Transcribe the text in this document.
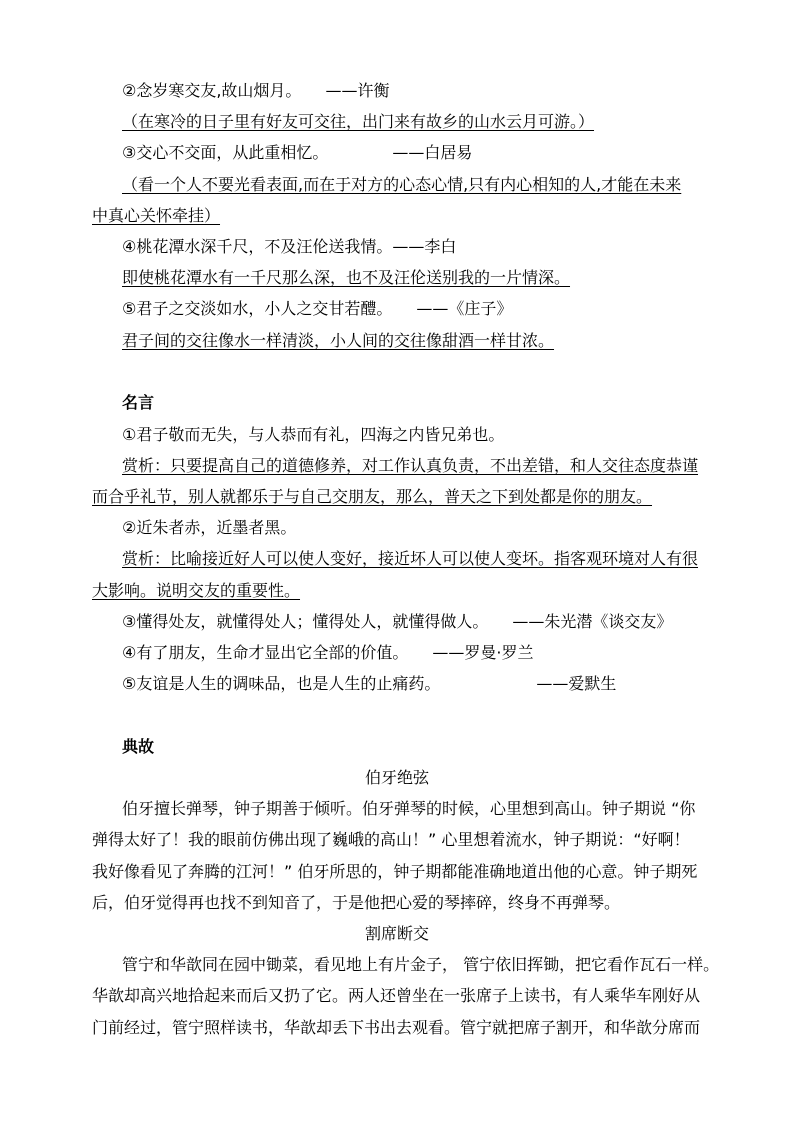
②念岁寒交友,故山烟月。 ——许衡
（在寒冷的日子里有好友可交往，出门来有故乡的山水云月可游。）
③交心不交面，从此重相忆。	——白居易
（看一个人不要光看表面,而在于对方的心态心情,只有内心相知的人,才能在未来
中真心关怀牵挂）
④桃花潭水深千尺，不及汪伦送我情。——李白
即使桃花潭水有一千尺那么深，也不及汪伦送别我的一片情深。
⑤君子之交淡如水，小人之交甘若醴。 ——《庄子》
君子间的交往像水一样清淡，小人间的交往像甜酒一样甘浓。
名言
①君子敬而无失，与人恭而有礼，四海之内皆兄弟也。
赏析：只要提高自己的道德修养，对工作认真负责，不出差错，和人交往态度恭谨
而合乎礼节，别人就都乐于与自己交朋友，那么，普天之下到处都是你的朋友。
②近朱者赤，近墨者黑。
赏析：比喻接近好人可以使人变好，接近坏人可以使人变坏。指客观环境对人有很
大影响。说明交友的重要性。
③懂得处友，就懂得处人；懂得处人，就懂得做人。 ——朱光潜《谈交友》
④有了朋友，生命才显出它全部的价值。 ——罗曼·罗兰
⑤友谊是人生的调味品，也是人生的止痛药。	——爱默生
典故
伯牙绝弦
伯牙擅长弹琴，钟子期善于倾听。伯牙弹琴的时候，心里想到高山。钟子期说 “你
弹得太好了！我的眼前仿佛出现了巍峨的高山！” 心里想着流水，钟子期说：“好啊！
我好像看见了奔腾的江河！” 伯牙所思的，钟子期都能准确地道出他的心意。钟子期死
后，伯牙觉得再也找不到知音了，于是他把心爱的琴摔碎，终身不再弹琴。
割席断交
管宁和华歆同在园中锄菜，看见地上有片金子， 管宁依旧挥锄，把它看作瓦石一样。
华歆却高兴地拾起来而后又扔了它。两人还曾坐在一张席子上读书，有人乘华车刚好从
门前经过，管宁照样读书，华歆却丢下书出去观看。管宁就把席子割开，和华歆分席而
